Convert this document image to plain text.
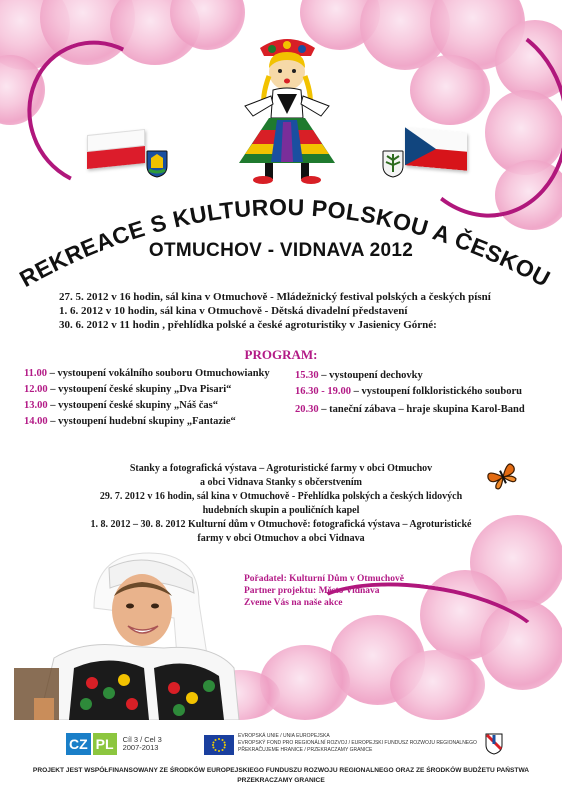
REKREACE S KULTUROU POLSKOU A ČESKOU
OTMUCHOV - VIDNAVA 2012
27. 5. 2012 v 16 hodin, sál kina v Otmuchově - Mládežnický festival polských a českých písní
1. 6. 2012 v 10 hodin, sál kina v Otmuchově - Dětská divadelní představení
30. 6. 2012 v 11 hodin , přehlídka polské a české agroturistiky v Jasienicy Górné:
PROGRAM:
11.00 – vystoupení vokálního souboru Otmuchowianky
12.00 – vystoupení české skupiny „Dva Pisari“
13.00 – vystoupení české skupiny „Náš čas“
14.00 – vystoupení hudební skupiny „Fantazie“
15.30 – vystoupení dechovky
16.30 - 19.00 – vystoupení folkloristického souboru
20.30 – taneční zábava – hraje skupina Karol-Band
Stanky a fotografická výstava – Agroturistické farmy v obci Otmuchov
a obci Vidnava Stanky s občerstvením
29. 7. 2012 v 16 hodin, sál kina v Otmuchově - Přehlídka polských a českých lidových
hudebních skupin a pouličních kapel
1. 8. 2012 – 30. 8. 2012 Kulturní dům v Otmuchově: fotografická výstava – Agroturistické
farmy v obci Otmuchov a obci Vidnava
Pořadatel: Kulturní Dům v Otmuchově
Partner projektu: Město Vidnava
Zveme Vás na naše akce
CZ PL	Cíl 3 / Cel 3
2007-2013
EVROPSKÁ UNIE / UNIA EUROPEJSKA
EVROPSKÝ FOND PRO REGIONÁLNÍ ROZVOJ / EUROPEJSKI FUNDUSZ ROZWOJU REGIONALNEGO
PŘEKRAČUJEME HRANICE / PRZEKRACZAMY GRANICE
PROJEKT JEST WSPÓŁFINANSOWANY ZE ŚRODKÓW EUROPEJSKIEGO FUNDUSZU ROZWOJU REGIONALNEGO ORAZ ZE ŚRODKÓW BUDŻETU PAŃSTWA
PRZEKRACZAMY GRANICE
